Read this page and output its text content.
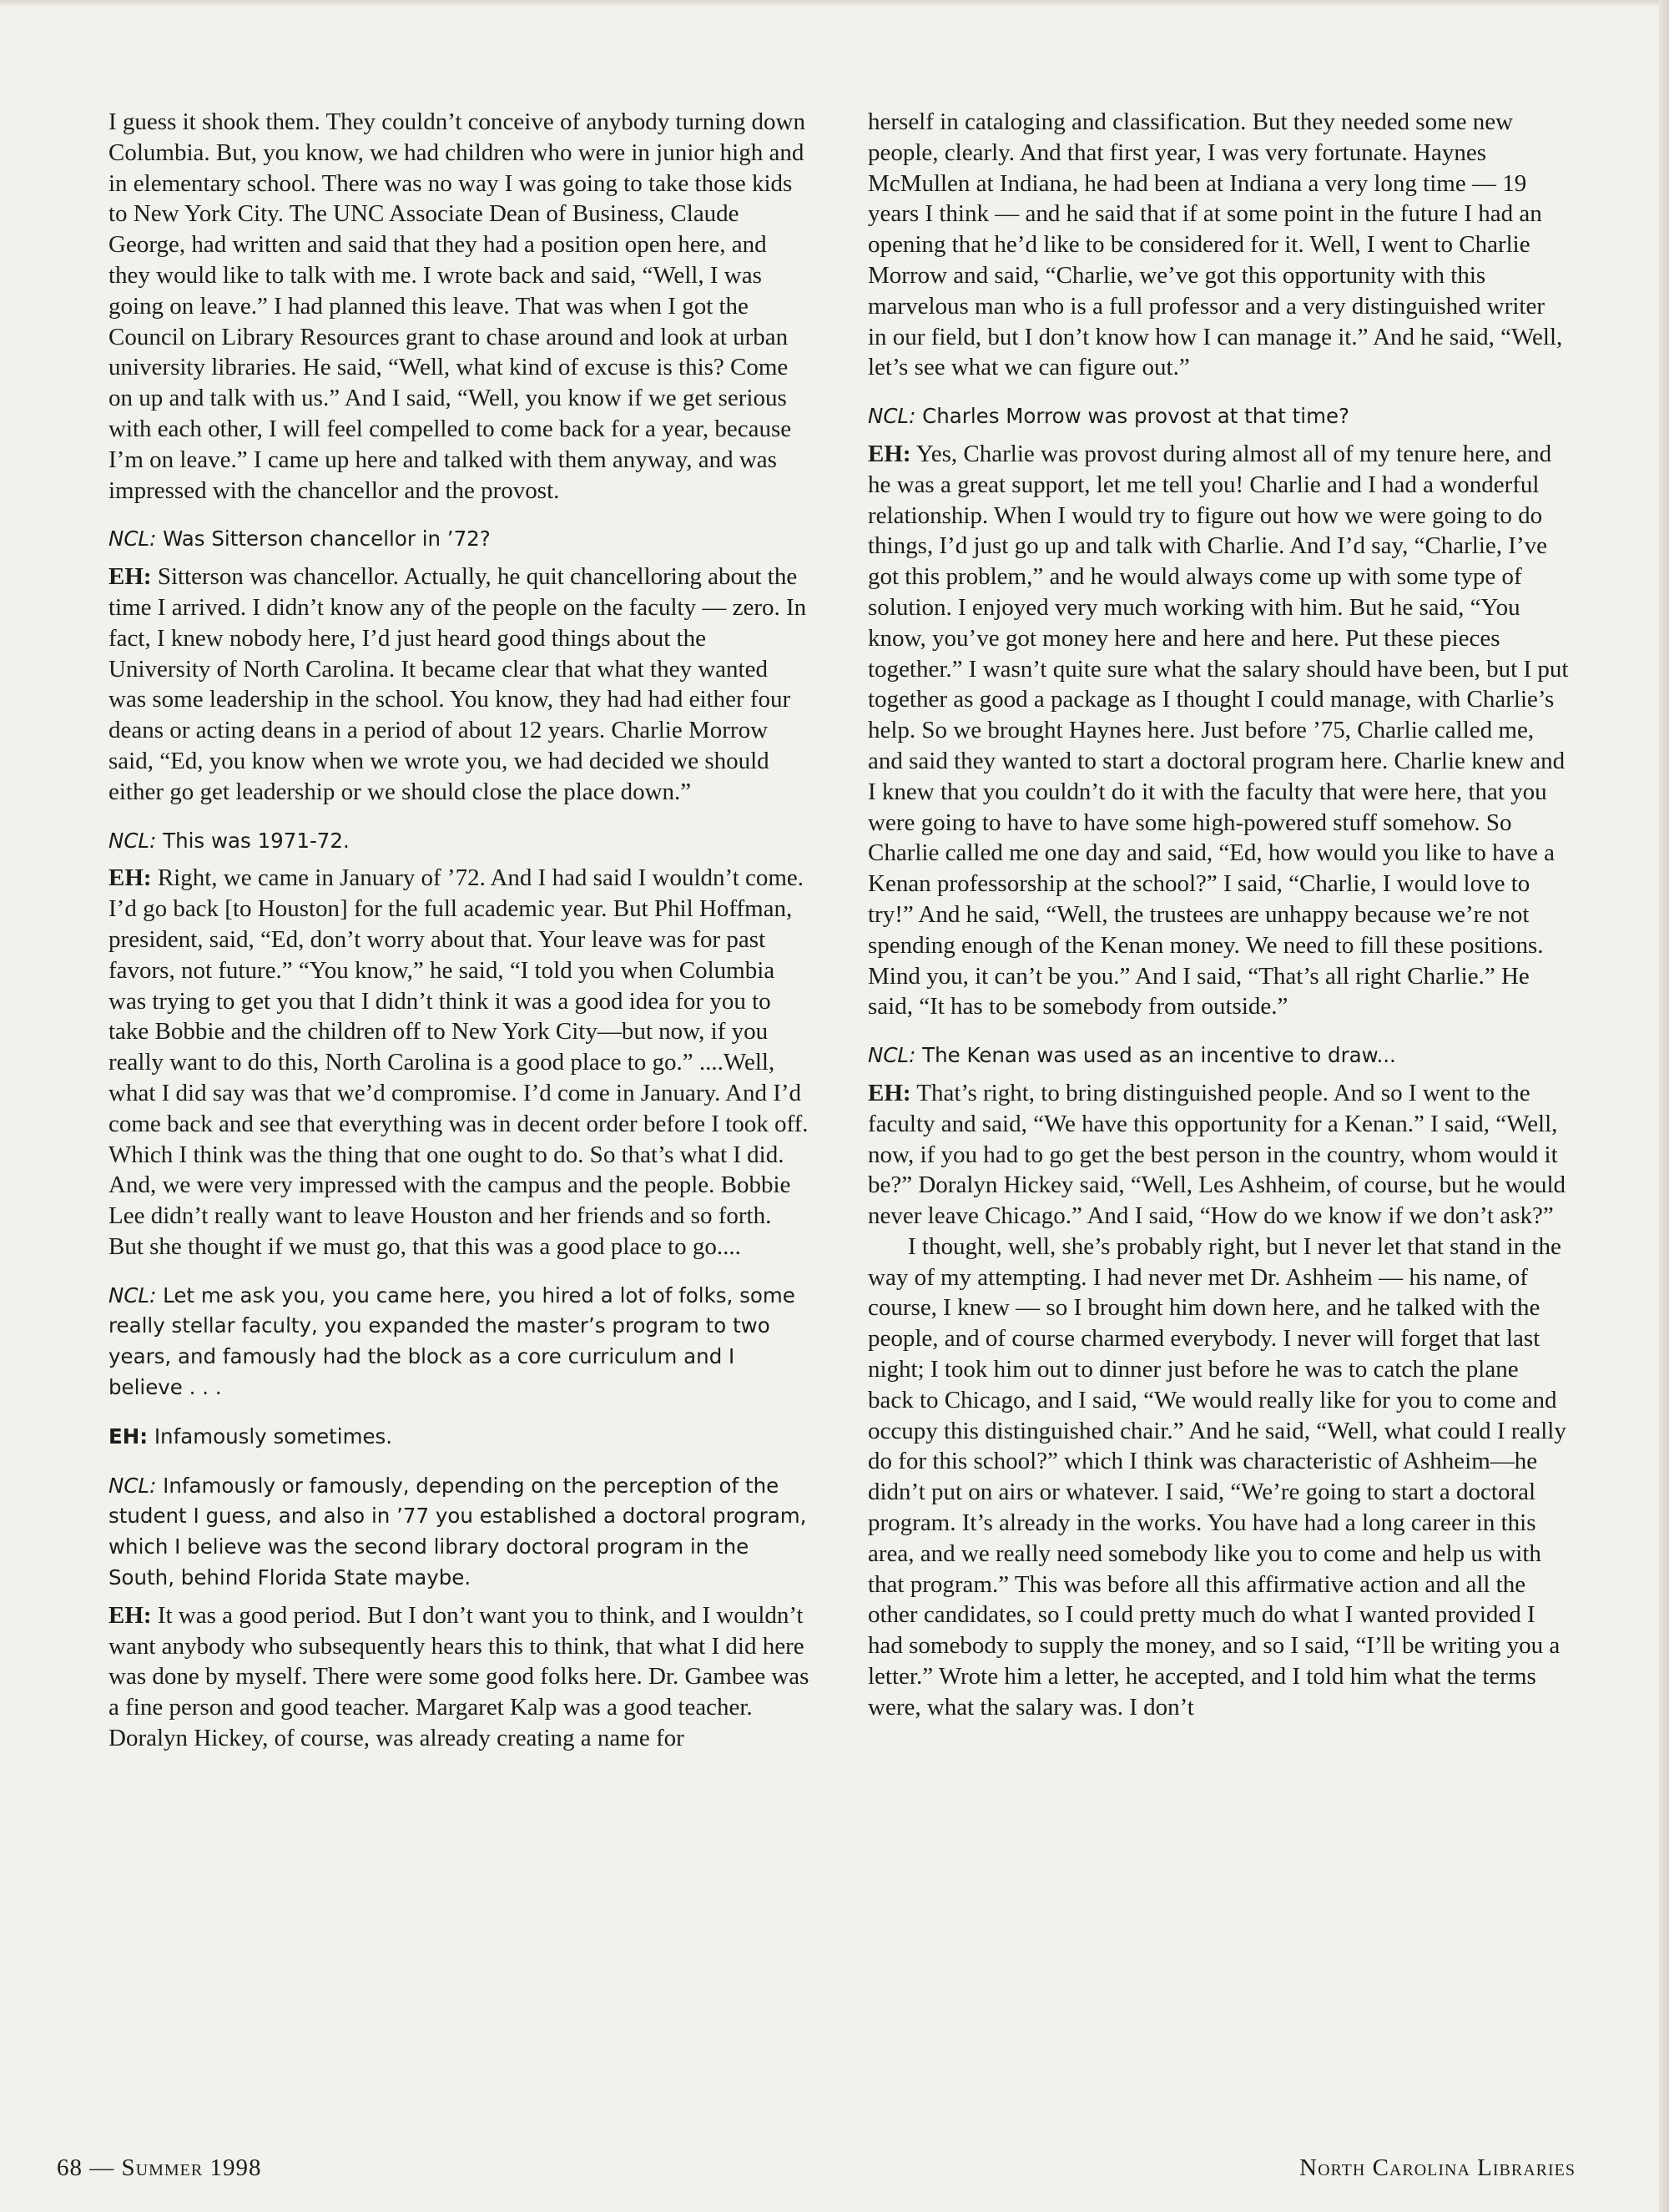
I guess it shook them. They couldn’t conceive of anybody turning down Columbia. But, you know, we had children who were in junior high and in elementary school. There was no way I was going to take those kids to New York City. The UNC Associate Dean of Business, Claude George, had written and said that they had a position open here, and they would like to talk with me. I wrote back and said, “Well, I was going on leave.” I had planned this leave. That was when I got the Council on Library Resources grant to chase around and look at urban university libraries. He said, “Well, what kind of excuse is this? Come on up and talk with us.” And I said, “Well, you know if we get serious with each other, I will feel compelled to come back for a year, because I’m on leave.” I came up here and talked with them anyway, and was impressed with the chancellor and the provost.

NCL: Was Sitterson chancellor in ’72?

EH: Sitterson was chancellor. Actually, he quit chancelloring about the time I arrived. I didn’t know any of the people on the faculty — zero. In fact, I knew nobody here, I’d just heard good things about the University of North Carolina. It became clear that what they wanted was some leadership in the school. You know, they had had either four deans or acting deans in a period of about 12 years. Charlie Morrow said, “Ed, you know when we wrote you, we had decided we should either go get leadership or we should close the place down.”

NCL: This was 1971-72.

EH: Right, we came in January of ’72. And I had said I wouldn’t come. I’d go back [to Houston] for the full academic year. But Phil Hoffman, president, said, “Ed, don’t worry about that. Your leave was for past favors, not future.” “You know,” he said, “I told you when Columbia was trying to get you that I didn’t think it was a good idea for you to take Bobbie and the children off to New York City—but now, if you really want to do this, North Carolina is a good place to go.” ....Well, what I did say was that we’d compromise. I’d come in January. And I’d come back and see that everything was in decent order before I took off. Which I think was the thing that one ought to do. So that’s what I did. And, we were very impressed with the campus and the people. Bobbie Lee didn’t really want to leave Houston and her friends and so forth. But she thought if we must go, that this was a good place to go....

NCL: Let me ask you, you came here, you hired a lot of folks, some really stellar faculty, you expanded the master’s program to two years, and famously had the block as a core curriculum and I believe . . .

EH: Infamously sometimes.

NCL: Infamously or famously, depending on the perception of the student I guess, and also in ’77 you established a doctoral program, which I believe was the second library doctoral program in the South, behind Florida State maybe.

EH: It was a good period. But I don’t want you to think, and I wouldn’t want anybody who subsequently hears this to think, that what I did here was done by myself. There were some good folks here. Dr. Gambee was a fine person and good teacher. Margaret Kalp was a good teacher. Doralyn Hickey, of course, was already creating a name for

herself in cataloging and classification. But they needed some new people, clearly. And that first year, I was very fortunate. Haynes McMullen at Indiana, he had been at Indiana a very long time — 19 years I think — and he said that if at some point in the future I had an opening that he’d like to be considered for it. Well, I went to Charlie Morrow and said, “Charlie, we’ve got this opportunity with this marvelous man who is a full professor and a very distinguished writer in our field, but I don’t know how I can manage it.” And he said, “Well, let’s see what we can figure out.”

NCL: Charles Morrow was provost at that time?

EH: Yes, Charlie was provost during almost all of my tenure here, and he was a great support, let me tell you! Charlie and I had a wonderful relationship. When I would try to figure out how we were going to do things, I’d just go up and talk with Charlie. And I’d say, “Charlie, I’ve got this problem,” and he would always come up with some type of solution. I enjoyed very much working with him. But he said, “You know, you’ve got money here and here and here. Put these pieces together.” I wasn’t quite sure what the salary should have been, but I put together as good a package as I thought I could manage, with Charlie’s help. So we brought Haynes here. Just before ’75, Charlie called me, and said they wanted to start a doctoral program here. Charlie knew and I knew that you couldn’t do it with the faculty that were here, that you were going to have to have some high-powered stuff somehow. So Charlie called me one day and said, “Ed, how would you like to have a Kenan professorship at the school?” I said, “Charlie, I would love to try!” And he said, “Well, the trustees are unhappy because we’re not spending enough of the Kenan money. We need to fill these positions. Mind you, it can’t be you.” And I said, “That’s all right Charlie.” He said, “It has to be somebody from outside.”

NCL: The Kenan was used as an incentive to draw...

EH: That’s right, to bring distinguished people. And so I went to the faculty and said, “We have this opportunity for a Kenan.” I said, “Well, now, if you had to go get the best person in the country, whom would it be?” Doralyn Hickey said, “Well, Les Ashheim, of course, but he would never leave Chicago.” And I said, “How do we know if we don’t ask?”

I thought, well, she’s probably right, but I never let that stand in the way of my attempting. I had never met Dr. Ashheim — his name, of course, I knew — so I brought him down here, and he talked with the people, and of course charmed everybody. I never will forget that last night; I took him out to dinner just before he was to catch the plane back to Chicago, and I said, “We would really like for you to come and occupy this distinguished chair.” And he said, “Well, what could I really do for this school?” which I think was characteristic of Ashheim—he didn’t put on airs or whatever. I said, “We’re going to start a doctoral program. It’s already in the works. You have had a long career in this area, and we really need somebody like you to come and help us with that program.” This was before all this affirmative action and all the other candidates, so I could pretty much do what I wanted provided I had somebody to supply the money, and so I said, “I’ll be writing you a letter.” Wrote him a letter, he accepted, and I told him what the terms were, what the salary was. I don’t

68 — Summer 1998	North Carolina Libraries
